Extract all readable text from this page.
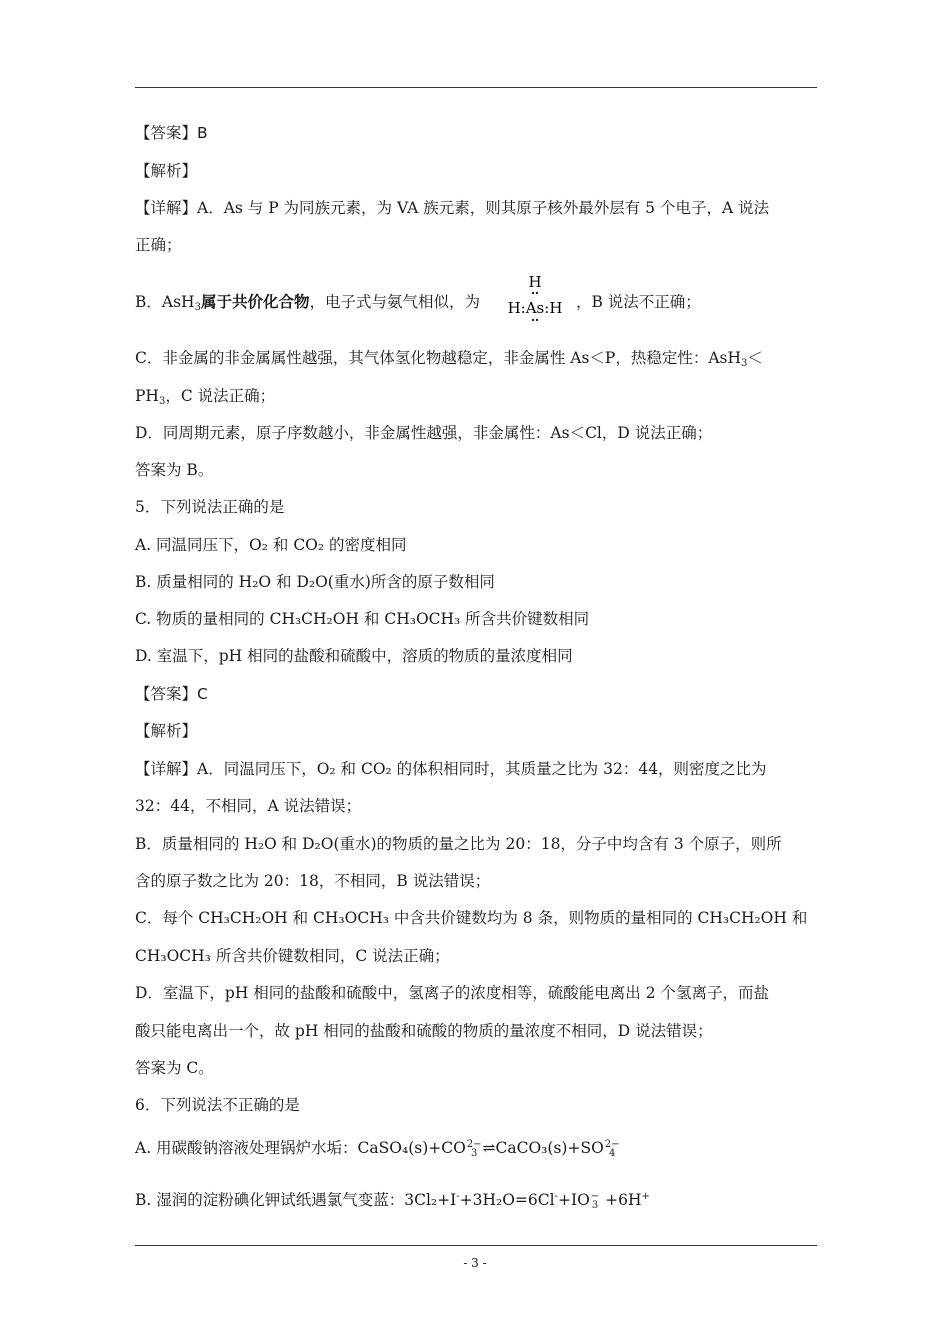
【答案】B
【解析】
【详解】A．As 与 P 为同族元素，为 VA 族元素，则其原子核外最外层有 5 个电子，A 说法
正确；
B．AsH$_3$属于共价化合物，电子式与氨气相似，为	，B 说法不正确；
H
H:As:H
C．非金属的非金属属性越强，其气体氢化物越稳定，非金属性 As＜P，热稳定性：AsH$_3$＜
$PH_3$，C 说法正确；
D．同周期元素，原子序数越小，非金属性越强，非金属性：As＜Cl，D 说法正确；
答案为 B。
5．下列说法正确的是
A. 同温同压下，O₂ 和 CO₂ 的密度相同
B. 质量相同的 H₂O 和 D₂O(重水)所含的原子数相同
C. 物质的量相同的 CH₃CH₂OH 和 CH₃OCH₃ 所含共价键数相同
D. 室温下，pH 相同的盐酸和硫酸中，溶质的物质的量浓度相同
【答案】C
【解析】
【详解】A．同温同压下，O₂ 和 CO₂ 的体积相同时，其质量之比为 32：44，则密度之比为
32：44，不相同，A 说法错误；
B．质量相同的 H₂O 和 D₂O(重水)的物质的量之比为 20：18，分子中均含有 3 个原子，则所
含的原子数之比为 20：18，不相同，B 说法错误；
C．每个 CH₃CH₂OH 和 CH₃OCH₃ 中含共价键数均为 8 条，则物质的量相同的 CH₃CH₂OH 和
CH₃OCH₃ 所含共价键数相同，C 说法正确；
D．室温下，pH 相同的盐酸和硫酸中，氢离子的浓度相等，硫酸能电离出 2 个氢离子，而盐
酸只能电离出一个，故 pH 相同的盐酸和硫酸的物质的量浓度不相同，D 说法错误；
答案为 C。
6．下列说法不正确的是
A. 用碳酸钠溶液处理锅炉水垢：CaSO₄(s)+CO 2−
3 ⇌CaCO₃(s)+SO 2−
4
B. 湿润的淀粉碘化钾试纸遇氯气变蓝：3Cl₂+I-+3H₂O=6Cl-+IO −
3 +6H+
- 3 -
